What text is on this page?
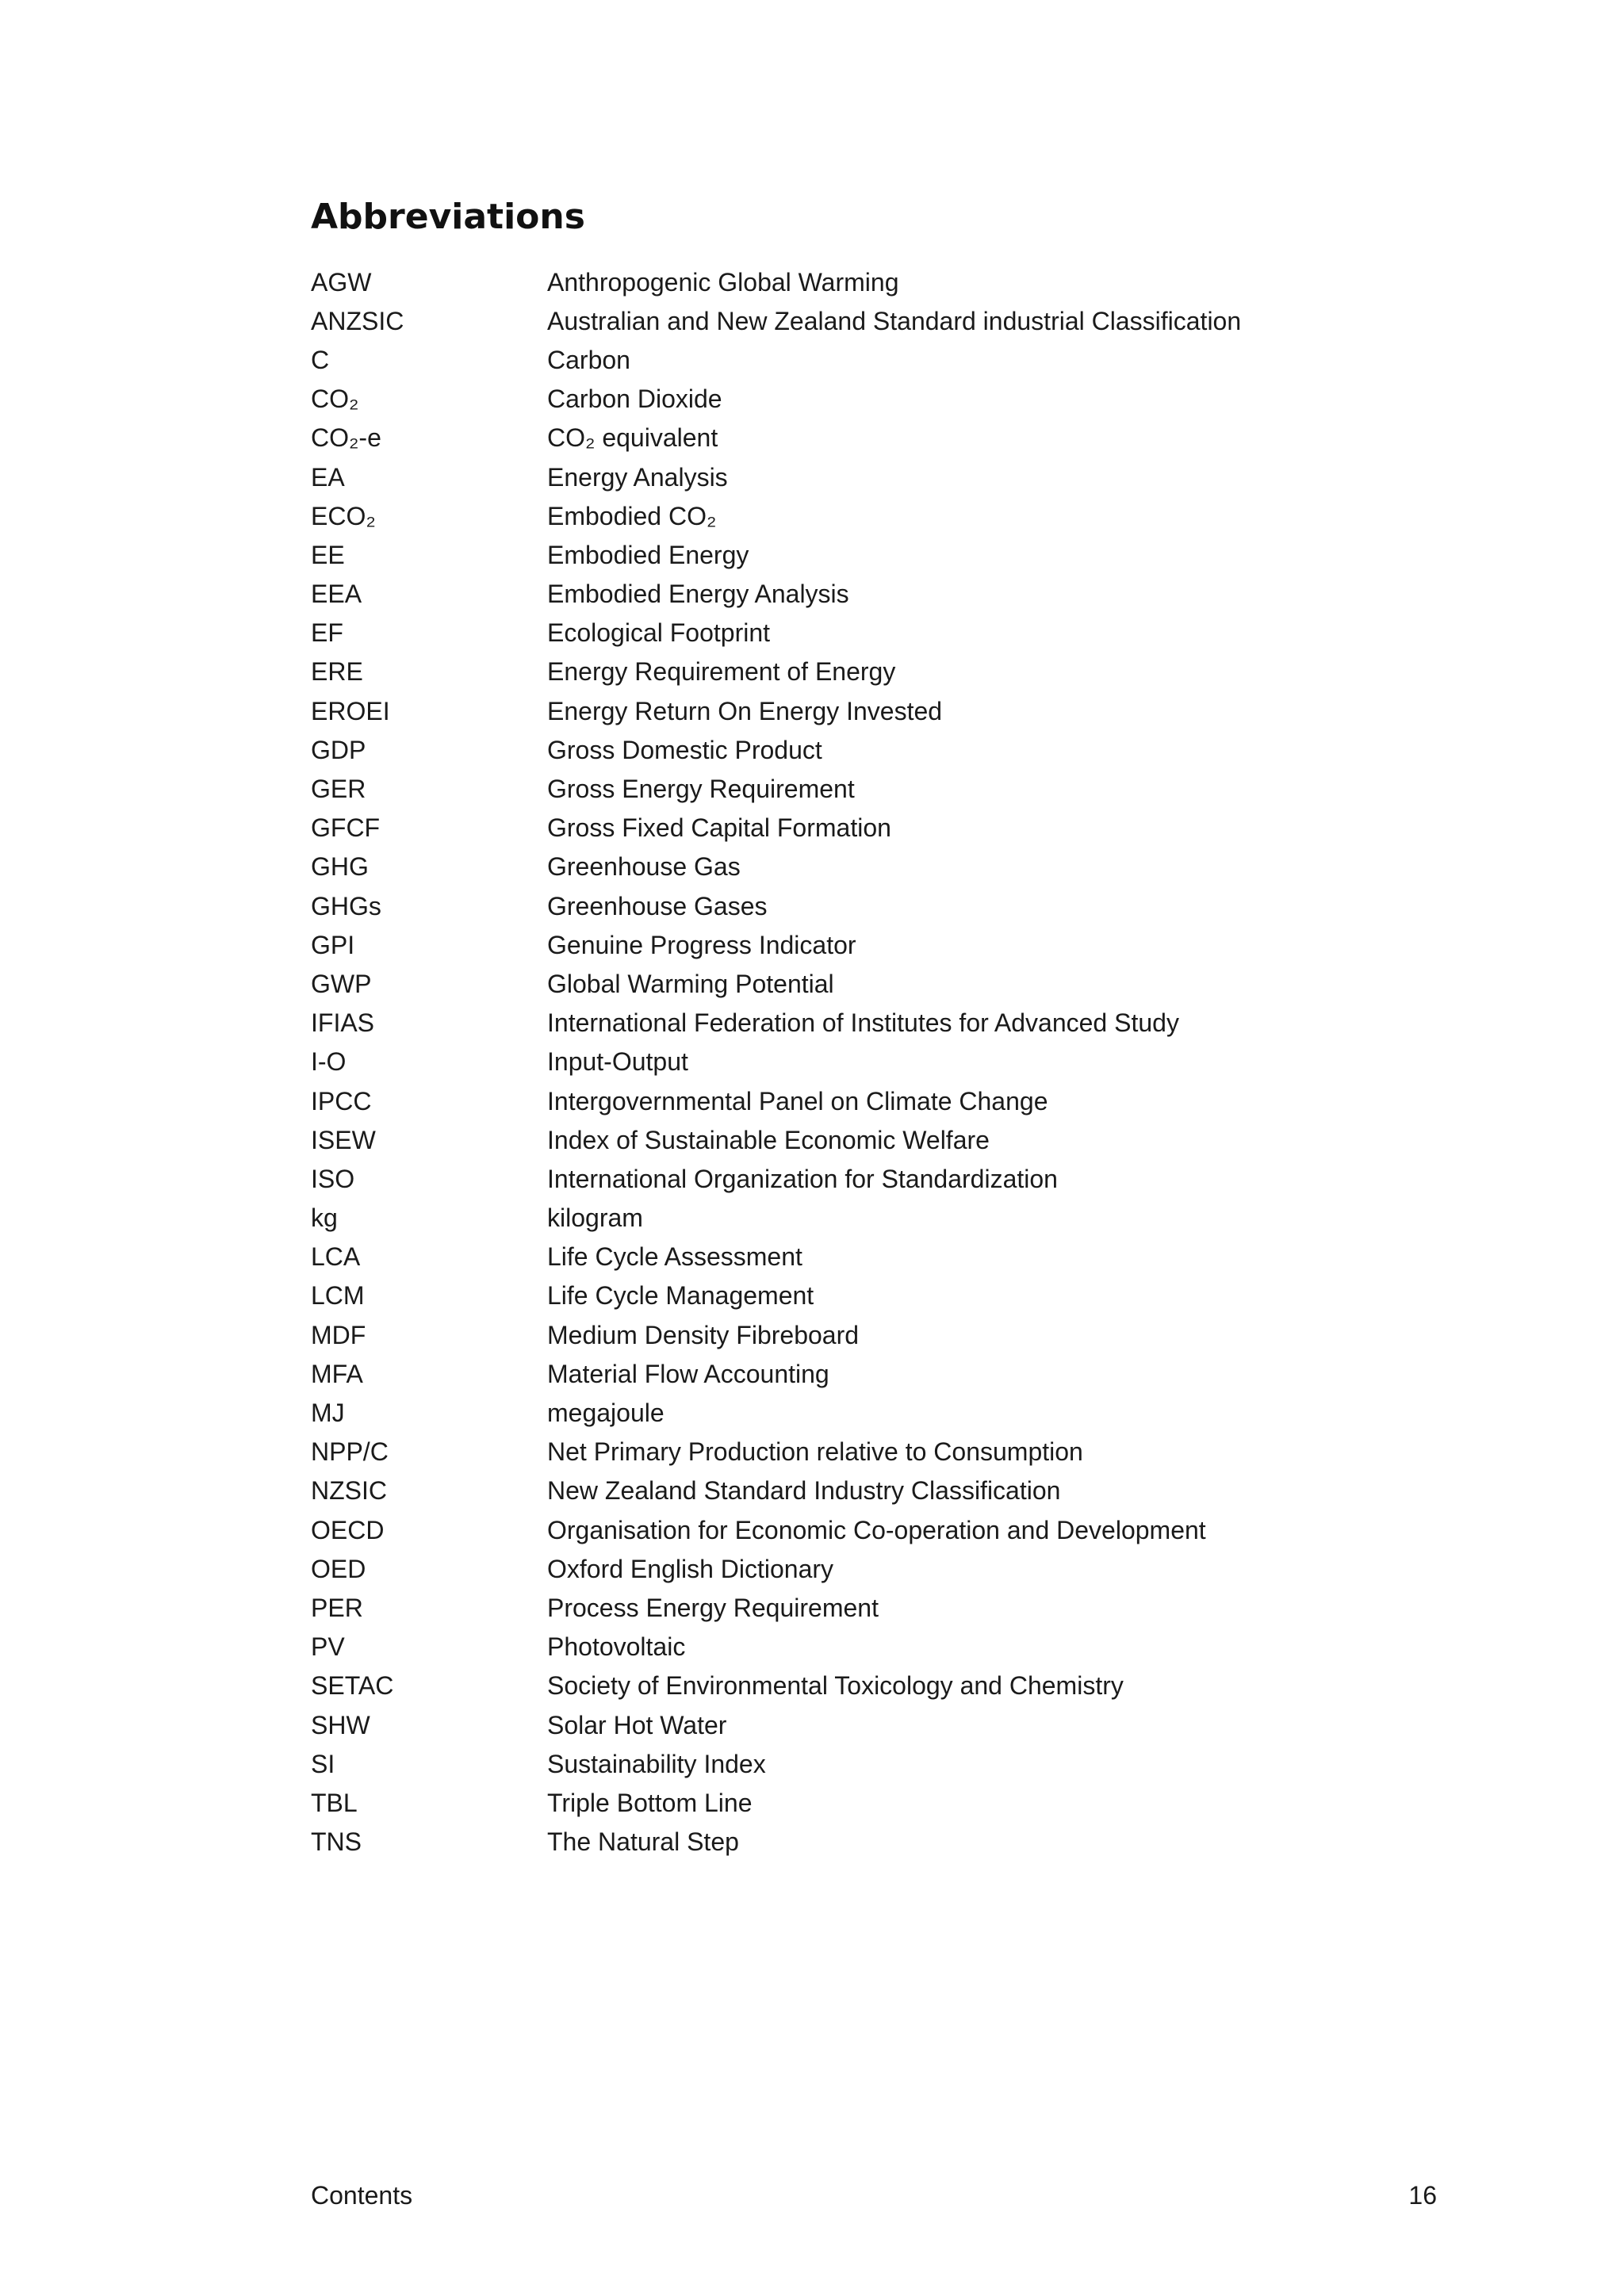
Abbreviations
AGW	Anthropogenic Global Warming
ANZSIC	Australian and New Zealand Standard industrial Classification
C	Carbon
CO₂	Carbon Dioxide
CO₂-e	CO₂ equivalent
EA	Energy Analysis
ECO₂	Embodied CO₂
EE	Embodied Energy
EEA	Embodied Energy Analysis
EF	Ecological Footprint
ERE	Energy Requirement of Energy
EROEI	Energy Return On Energy Invested
GDP	Gross Domestic Product
GER	Gross Energy Requirement
GFCF	Gross Fixed Capital Formation
GHG	Greenhouse Gas
GHGs	Greenhouse Gases
GPI	Genuine Progress Indicator
GWP	Global Warming Potential
IFIAS	International Federation of Institutes for Advanced Study
I-O	Input-Output
IPCC	Intergovernmental Panel on Climate Change
ISEW	Index of Sustainable Economic Welfare
ISO	International Organization for Standardization
kg	kilogram
LCA	Life Cycle Assessment
LCM	Life Cycle Management
MDF	Medium Density Fibreboard
MFA	Material Flow Accounting
MJ	megajoule
NPP/C	Net Primary Production relative to Consumption
NZSIC	New Zealand Standard Industry Classification
OECD	Organisation for Economic Co-operation and Development
OED	Oxford English Dictionary
PER	Process Energy Requirement
PV	Photovoltaic
SETAC	Society of Environmental Toxicology and Chemistry
SHW	Solar Hot Water
SI	Sustainability Index
TBL	Triple Bottom Line
TNS	The Natural Step
Contents	16
